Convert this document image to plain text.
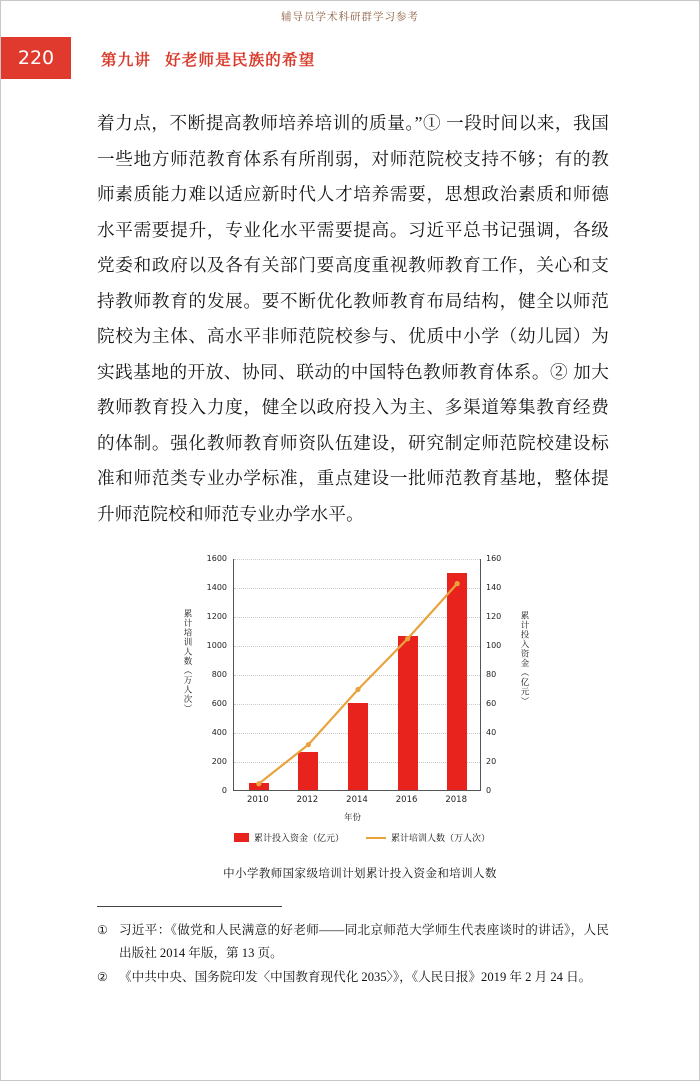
辅导员学术科研群学习参考
220	第九讲 好老师是民族的希望

着力点，不断提高教师培养培训的质量。”① 一段时间以来，我国一些地方师范教育体系有所削弱，对师范院校支持不够；有的教师素质能力难以适应新时代人才培养需要，思想政治素质和师德水平需要提升，专业化水平需要提高。习近平总书记强调，各级党委和政府以及各有关部门要高度重视教师教育工作，关心和支持教师教育的发展。要不断优化教师教育布局结构，健全以师范院校为主体、高水平非师范院校参与、优质中小学（幼儿园）为实践基地的开放、协同、联动的中国特色教师教育体系。② 加大教师教育投入力度，健全以政府投入为主、多渠道筹集教育经费的体制。强化教师教育师资队伍建设，研究制定师范院校建设标准和师范类专业办学标准，重点建设一批师范教育基地，整体提升师范院校和师范专业办学水平。

累计培训人数（万人次）	累计投入资金（亿元）
年份
0
200
400
600
800
1000
1200
1400
1600
0
20
40
60
80
100
120
140
160
2010	2012	2014	2016	2018
累计投入资金（亿元）	累计培训人数（万人次）
中小学教师国家级培训计划累计投入资金和培训人数
① 习近平：《做党和人民满意的好老师——同北京师范大学师生代表座谈时的讲话》，人民出版社 2014 年版，第 13 页。
② 《中共中央、国务院印发〈中国教育现代化 2035〉》，《人民日报》2019 年 2 月 24 日。
